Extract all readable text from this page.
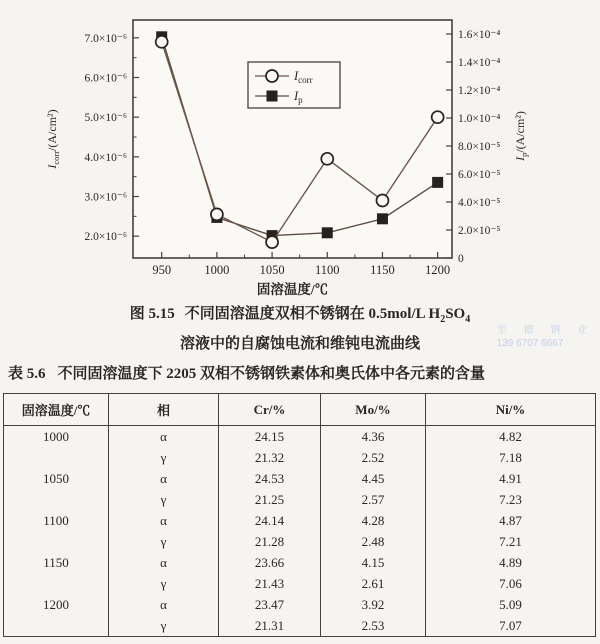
950	1000 1050 1100 1150 1200
7.0×10⁻⁶
6.0×10⁻⁶
5.0×10⁻⁶
4.0×10⁻⁶
3.0×10⁻⁶
2.0×10⁻⁶
1.6×10⁻⁴
1.4×10⁻⁴
1.2×10⁻⁴
1.0×10⁻⁴
8.0×10⁻⁵
6.0×10⁻⁵
4.0×10⁻⁵
2.0×10⁻⁵
0
Icorr/(A/cm²)
Ip/(A/cm²)
固溶温度/℃
Icorr
Ip
图 5.15 不同固溶温度双相不锈钢在 0.5mol/L $H_2SO_4$
溶液中的自腐蚀电流和维钝电流曲线
至 德 钢 业
139 6707 6667
表 5.6 不同固溶温度下 2205 双相不锈钢铁素体和奥氏体中各元素的含量
固溶温度/℃	相	Cr/%	Mo/%	Ni/%
1000	α	24.15	4.36	4.82
	γ	21.32	2.52	7.18
1050	α	24.53	4.45	4.91
	γ	21.25	2.57	7.23
1100	α	24.14	4.28	4.87
	γ	21.28	2.48	7.21
1150	α	23.66	4.15	4.89
	γ	21.43	2.61	7.06
1200	α	23.47	3.92	5.09
	γ	21.31	2.53	7.07
